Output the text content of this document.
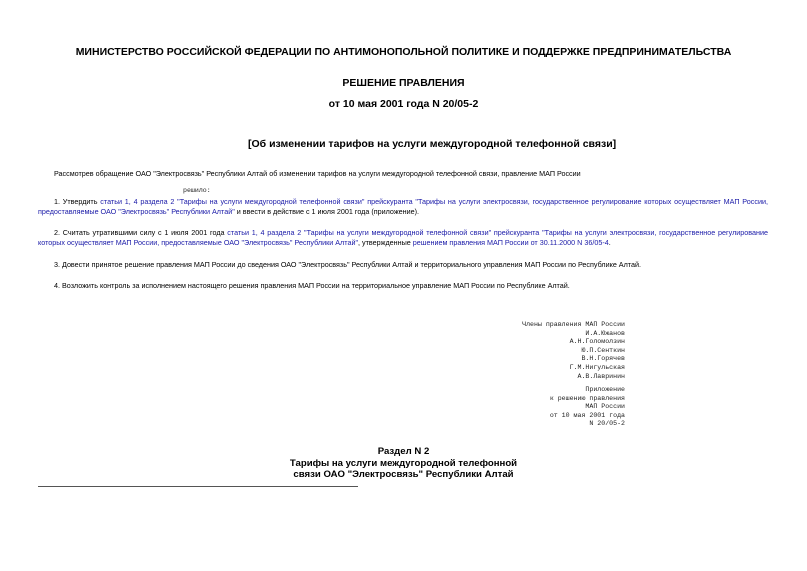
МИНИСТЕРСТВО РОССИЙСКОЙ ФЕДЕРАЦИИ ПО АНТИМОНОПОЛЬНОЙ ПОЛИТИКЕ И ПОДДЕРЖКЕ ПРЕДПРИНИМАТЕЛЬСТВА
РЕШЕНИЕ ПРАВЛЕНИЯ
от 10 мая 2001 года N 20/05-2
[Об изменении тарифов на услуги междугородной телефонной связи]
Рассмотрев обращение ОАО "Электросвязь" Республики Алтай об изменении тарифов на услуги междугородной телефонной связи, правление МАП России
решило:
1. Утвердить статьи 1, 4 раздела 2 "Тарифы на услуги междугородной телефонной связи" прейскуранта "Тарифы на услуги электросвязи, государственное регулирование которых осуществляет МАП России, предоставляемые ОАО "Электросвязь" Республики Алтай" и ввести в действие с 1 июля 2001 года (приложение).
2. Считать утратившими силу с 1 июля 2001 года статьи 1, 4 раздела 2 "Тарифы на услуги междугородной телефонной связи" прейскуранта "Тарифы на услуги электросвязи, государственное регулирование которых осуществляет МАП России, предоставляемые ОАО "Электросвязь" Республики Алтай", утвержденные решением правления МАП России от 30.11.2000 N 36/05-4.
3. Довести принятое решение правления МАП России до сведения ОАО "Электросвязь" Республики Алтай и территориального управления МАП России по Республике Алтай.
4. Возложить контроль за исполнением настоящего решения правления МАП России на территориальное управление МАП России по Республике Алтай.
Члены правления МАП России
И.А.Южанов
А.Н.Голомолзин
Ю.П.Сенткин
В.Н.Горячев
Г.М.Нигульская
А.В.Лавринин
Приложение
к решению правления
МАП России
от 10 мая 2001 года
N 20/05-2
Раздел N 2
Тарифы на услуги междугородной телефонной
связи ОАО "Электросвязь" Республики Алтай
